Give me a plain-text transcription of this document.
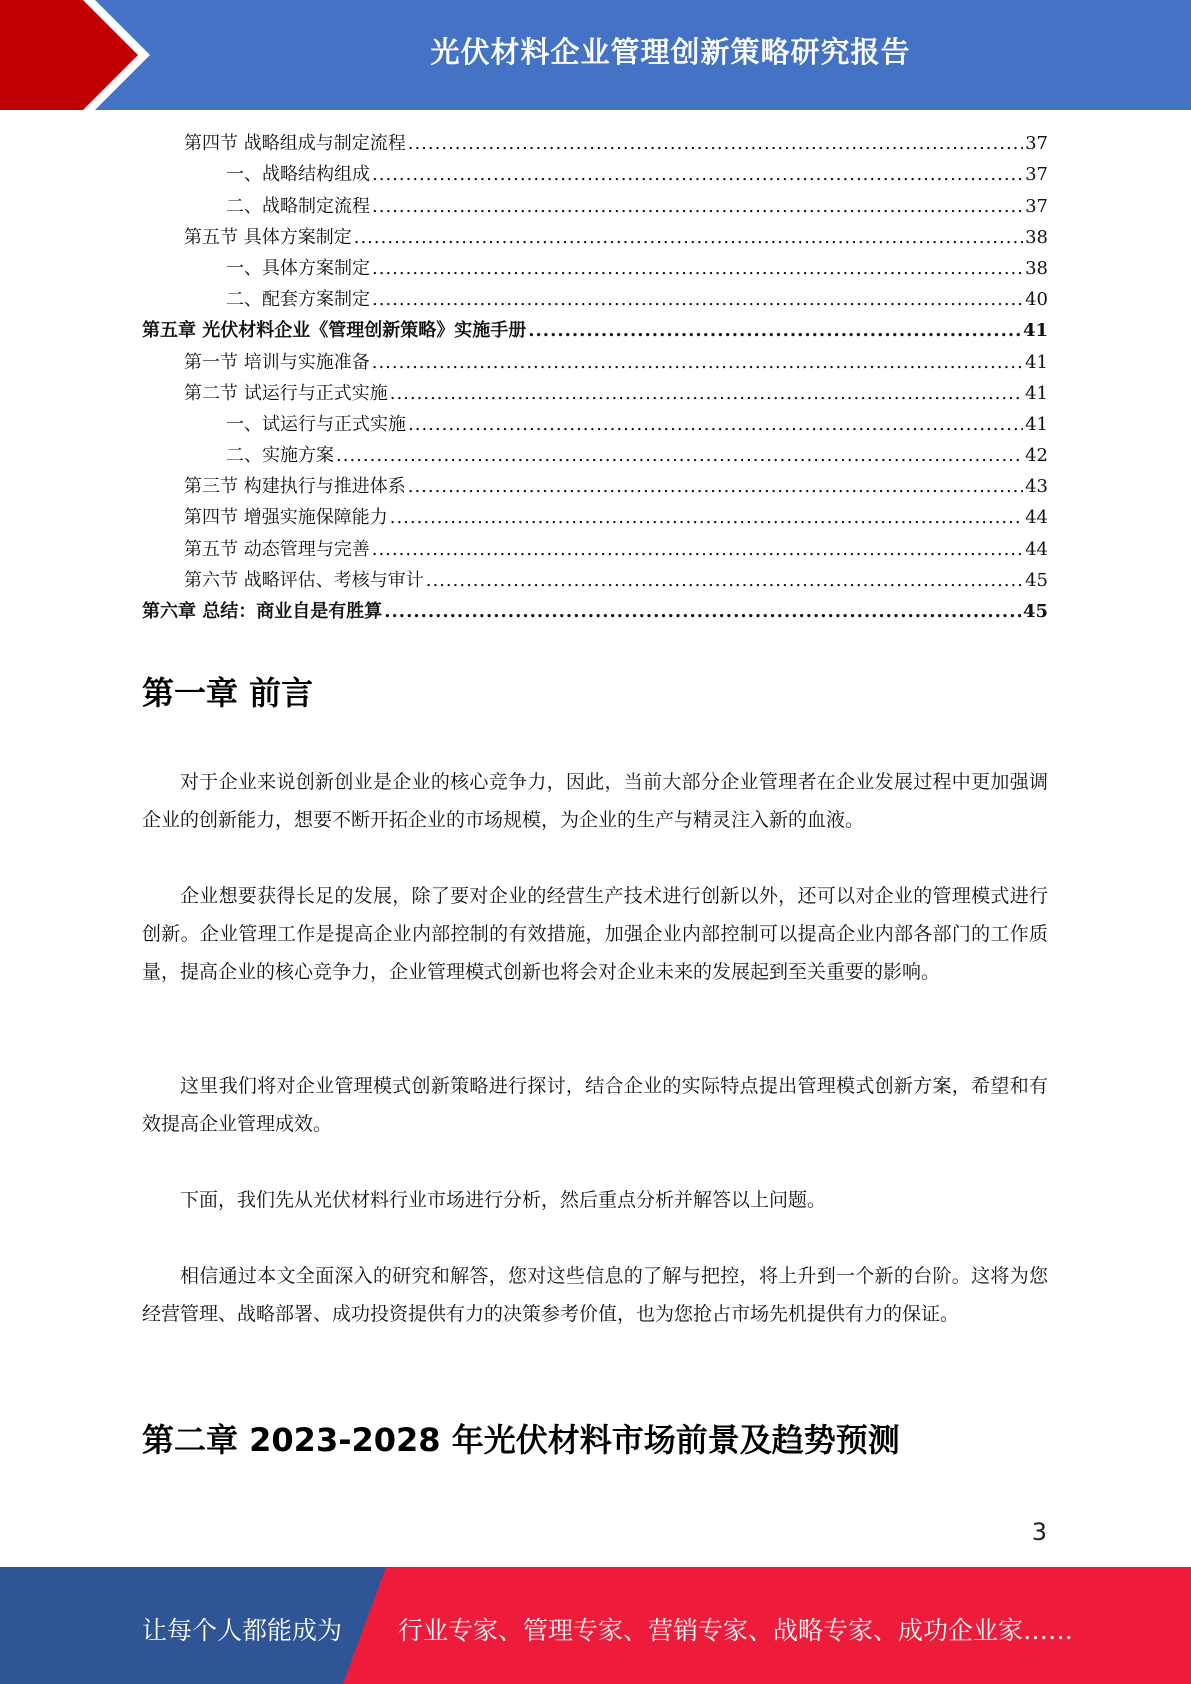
光伏材料企业管理创新策略研究报告
第四节 战略组成与制定流程 .....	37
一、战略结构组成 .....	37
二、战略制定流程 .....	37
第五节 具体方案制定 .....	38
一、具体方案制定 .....	38
二、配套方案制定 .....	40
第五章 光伏材料企业《管理创新策略》实施手册 .....	41
第一节 培训与实施准备 .....	41
第二节 试运行与正式实施 .....	41
一、试运行与正式实施 .....	41
二、实施方案 .....	42
第三节 构建执行与推进体系 .....	43
第四节 增强实施保障能力 .....	44
第五节 动态管理与完善 .....	44
第六节 战略评估、考核与审计 .....	45
第六章 总结：商业自是有胜算 .....	45
第一章 前言

对于企业来说创新创业是企业的核心竞争力，因此，当前大部分企业管理者在企业发展过程中更加强调企业的创新能力，想要不断开拓企业的市场规模，为企业的生产与精灵注入新的血液。

企业想要获得长足的发展，除了要对企业的经营生产技术进行创新以外，还可以对企业的管理模式进行创新。企业管理工作是提高企业内部控制的有效措施，加强企业内部控制可以提高企业内部各部门的工作质量，提高企业的核心竞争力，企业管理模式创新也将会对企业未来的发展起到至关重要的影响。

这里我们将对企业管理模式创新策略进行探讨，结合企业的实际特点提出管理模式创新方案，希望和有效提高企业管理成效。

下面，我们先从光伏材料行业市场进行分析，然后重点分析并解答以上问题。

相信通过本文全面深入的研究和解答，您对这些信息的了解与把控，将上升到一个新的台阶。这将为您经营管理、战略部署、成功投资提供有力的决策参考价值，也为您抢占市场先机提供有力的保证。

第二章 2023-2028 年光伏材料市场前景及趋势预测
3
让每个人都能成为 行业专家、管理专家、营销专家、战略专家、成功企业家……
